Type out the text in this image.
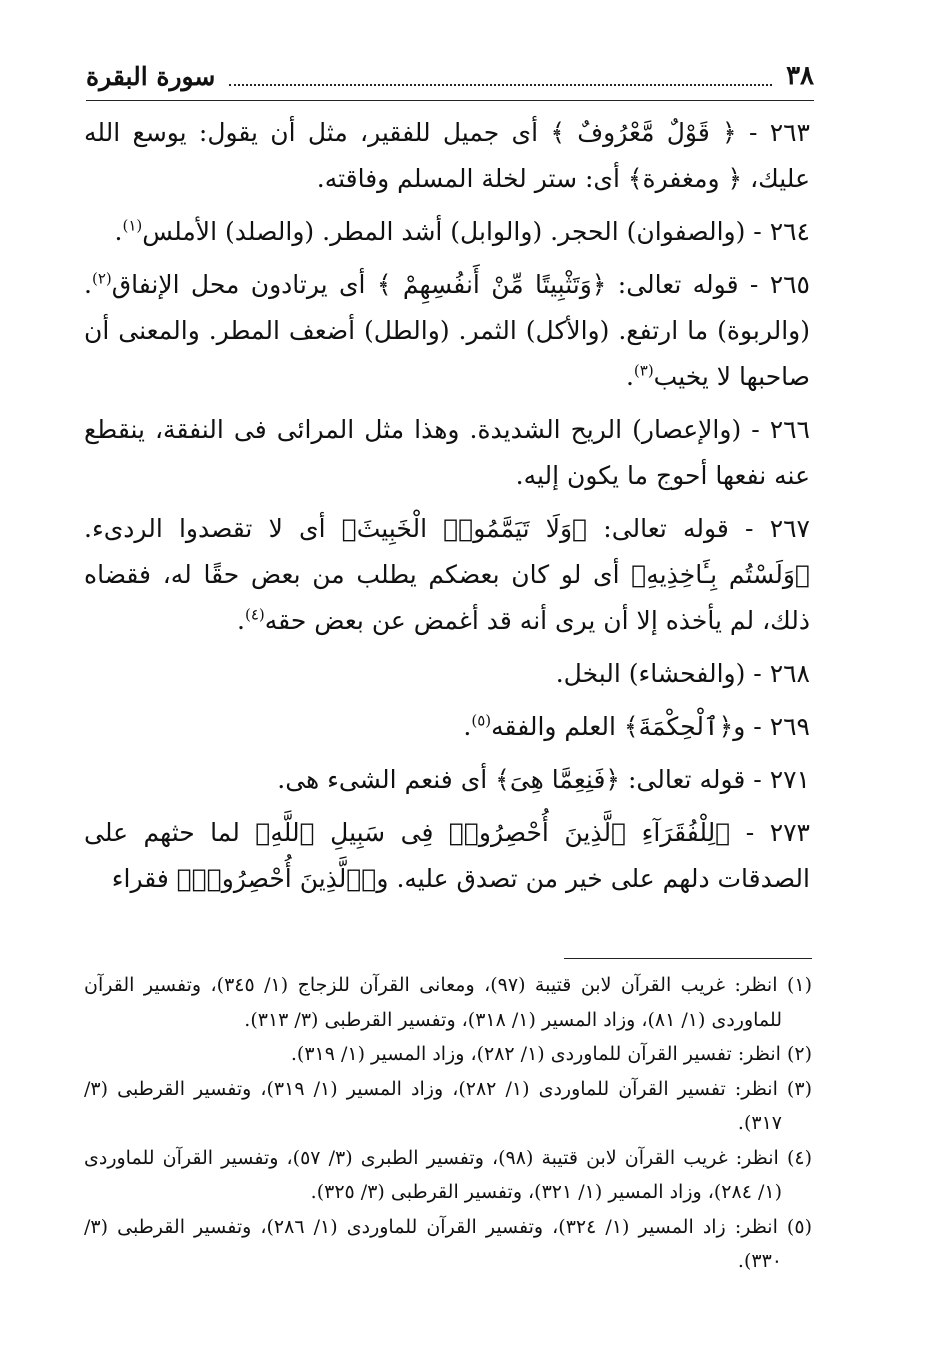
٣٨
سورة البقرة

٢٦٣ - ﴿ قَوْلٌ مَّعْرُوفٌ ﴾ أى جميل للفقير، مثل أن يقول: يوسع الله عليك، ﴿ ومغفرة﴾ أى: ستر لخلة المسلم وفاقته.

٢٦٤ - (والصفوان) الحجر. (والوابل) أشد المطر. (والصلد) الأملس$^{(١)}$.

٢٦٥ - قوله تعالى: ﴿وَتَثْبِيتًا مِّنْ أَنفُسِهِمْ ﴾ أى يرتادون محل الإنفاق$^{(٢)}$. (والربوة) ما ارتفع. (والأكل) الثمر. (والطل) أضعف المطر. والمعنى أن صاحبها لا يخيب$^{(٣)}$.

٢٦٦ - (والإعصار) الريح الشديدة. وهذا مثل المرائى فى النفقة، ينقطع عنه نفعها أحوج ما يكون إليه.

٢٦٧ - قوله تعالى: ﴿وَلَا تَيَمَّمُوا۟ الْخَبِيثَ﴾ أى لا تقصدوا الردىء. ﴿وَلَسْتُم بِـَٔاخِذِيهِ﴾ أى لو كان بعضكم يطلب من بعض حقًا له، فقضاه ذلك، لم يأخذه إلا أن يرى أنه قد أغمض عن بعض حقه$^{(٤)}$.

٢٦٨ - (والفحشاء) البخل.

٢٦٩ - و﴿ٱلْحِكْمَةَ﴾ العلم والفقه$^{(٥)}$.

٢٧١ - قوله تعالى: ﴿فَنِعِمَّا هِىَ﴾ أى فنعم الشىء هى.

٢٧٣ - ﴿لِلْفُقَرَآءِ ٱلَّذِينَ أُحْصِرُوا۟ فِى سَبِيلِ ٱللَّهِ﴾ لما حثهم على الصدقات دلهم على خير من تصدق عليه. و﴿ٱلَّذِينَ أُحْصِرُوا۟﴾ فقراء

(١) انظر: غريب القرآن لابن قتيبة (٩٧)، ومعانى القرآن للزجاج (١/ ٣٤٥)، وتفسير القرآن للماوردى (١/ ٨١)، وزاد المسير (١/ ٣١٨)، وتفسير القرطبى (٣/ ٣١٣).

(٢) انظر: تفسير القرآن للماوردى (١/ ٢٨٢)، وزاد المسير (١/ ٣١٩).

(٣) انظر: تفسير القرآن للماوردى (١/ ٢٨٢)، وزاد المسير (١/ ٣١٩)، وتفسير القرطبى (٣/ ٣١٧).

(٤) انظر: غريب القرآن لابن قتيبة (٩٨)، وتفسير الطبرى (٣/ ٥٧)، وتفسير القرآن للماوردى (١/ ٢٨٤)، وزاد المسير (١/ ٣٢١)، وتفسير القرطبى (٣/ ٣٢٥).

(٥) انظر: زاد المسير (١/ ٣٢٤)، وتفسير القرآن للماوردى (١/ ٢٨٦)، وتفسير القرطبى (٣/ ٣٣٠).
